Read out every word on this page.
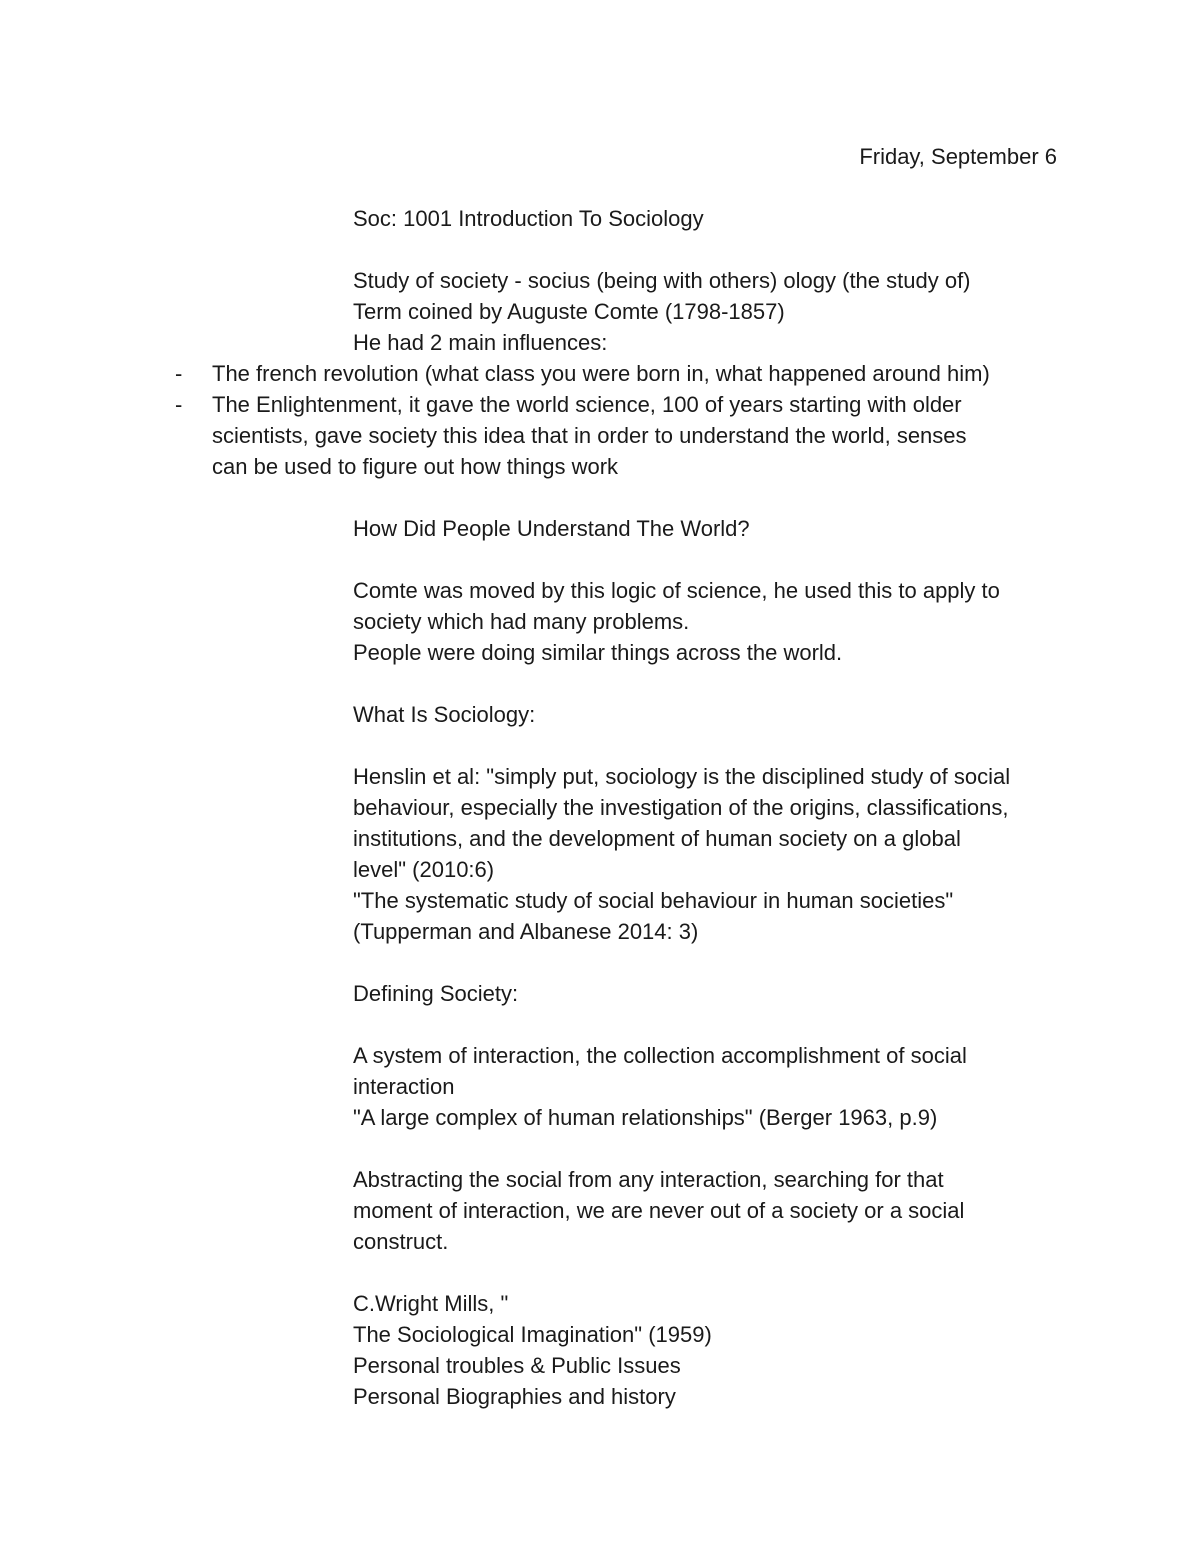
Friday, September 6
Soc: 1001 Introduction To Sociology
Study of society - socius (being with others) ology (the study of)
Term coined by Auguste Comte (1798-1857)
He had 2 main influences:
- The french revolution (what class you were born in, what happened around him)
- The Enlightenment, it gave the world science, 100 of years starting with older
scientists, gave society this idea that in order to understand the world, senses
can be used to figure out how things work
How Did People Understand The World?
Comte was moved by this logic of science, he used this to apply to
society which had many problems.
People were doing similar things across the world.
What Is Sociology:
Henslin et al: "simply put, sociology is the disciplined study of social
behaviour, especially the investigation of the origins, classifications,
institutions, and the development of human society on a global
level" (2010:6)
"The systematic study of social behaviour in human societies"
(Tupperman and Albanese 2014: 3)
Defining Society:
A system of interaction, the collection accomplishment of social
interaction
"A large complex of human relationships" (Berger 1963, p.9)
Abstracting the social from any interaction, searching for that
moment of interaction, we are never out of a society or a social
construct.
C.Wright Mills, "
The Sociological Imagination" (1959)
Personal troubles & Public Issues
Personal Biographies and history
